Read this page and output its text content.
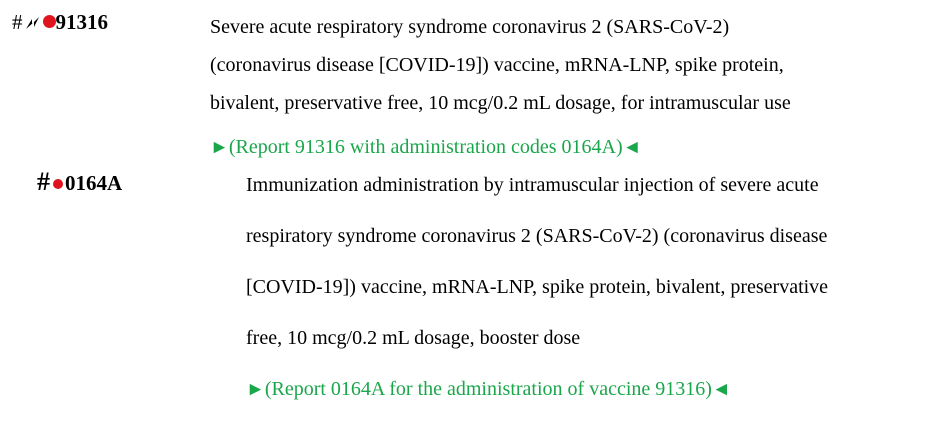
# 91316	Severe acute respiratory syndrome coronavirus 2 (SARS-CoV-2)
(coronavirus disease [COVID-19]) vaccine, mRNA-LNP, spike protein,
bivalent, preservative free, 10 mcg/0.2 mL dosage, for intramuscular use
►(Report 91316 with administration codes 0164A)◄
# 0164A	Immunization administration by intramuscular injection of severe acute
respiratory syndrome coronavirus 2 (SARS-CoV-2) (coronavirus disease
[COVID-19]) vaccine, mRNA-LNP, spike protein, bivalent, preservative
free, 10 mcg/0.2 mL dosage, booster dose
►(Report 0164A for the administration of vaccine 91316)◄
